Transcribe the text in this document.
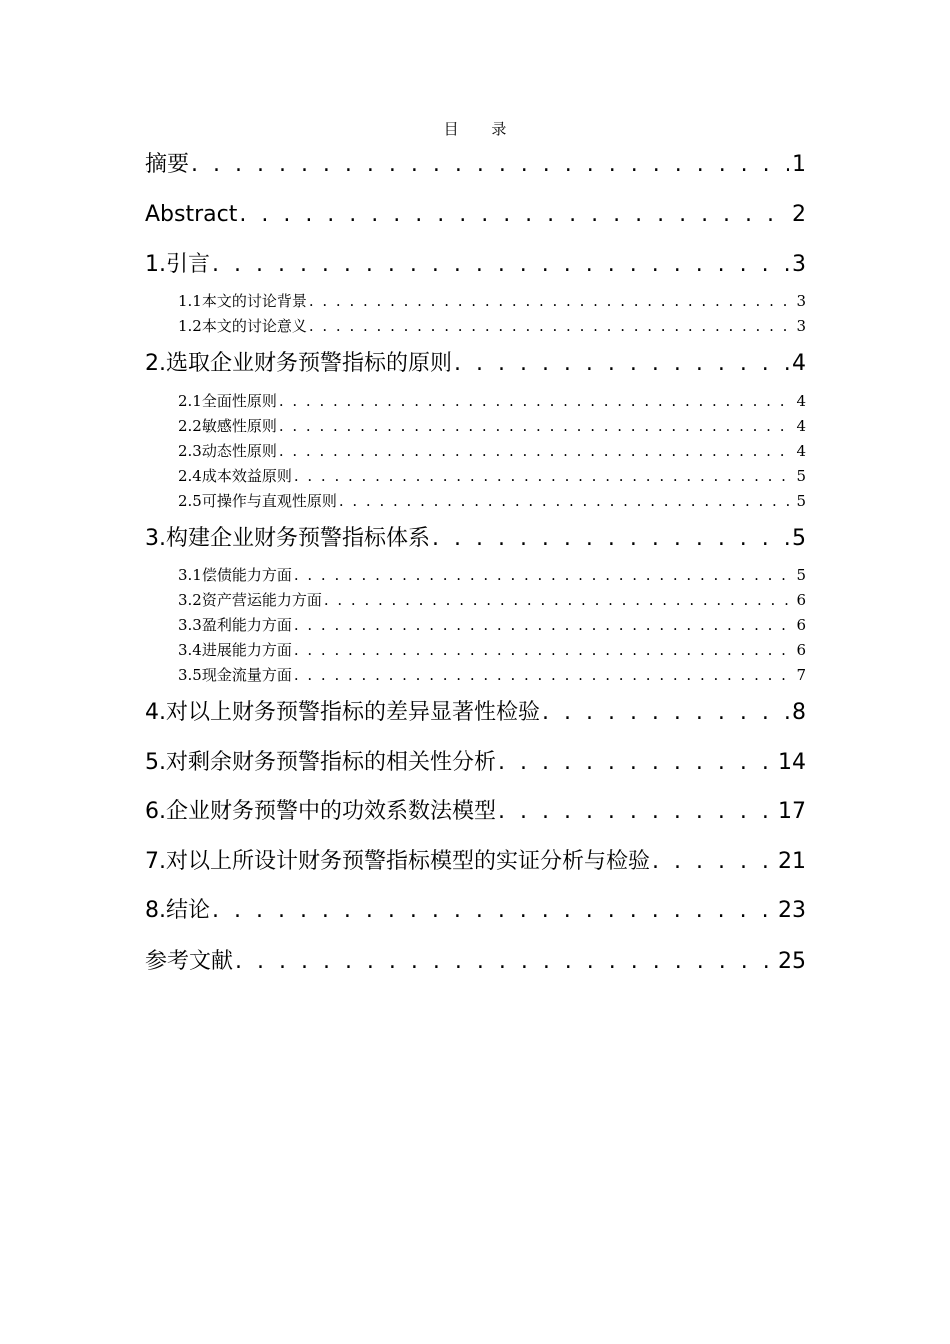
目 录
摘要 . . .	1
Abstract . . .	2
1.引言 . . .	3
1.1本文的讨论背景 . . .	3
1.2本文的讨论意义 . . .	3
2.选取企业财务预警指标的原则 . . .	4
2.1全面性原则 . . .	4
2.2敏感性原则 . . .	4
2.3动态性原则 . . .	4
2.4成本效益原则 . . .	5
2.5可操作与直观性原则 . . .	5
3.构建企业财务预警指标体系 . . .	5
3.1偿债能力方面 . . .	5
3.2资产营运能力方面 . . .	6
3.3盈利能力方面 . . .	6
3.4进展能力方面 . . .	6
3.5现金流量方面 . . .	7
4.对以上财务预警指标的差异显著性检验 . . .	8
5.对剩余财务预警指标的相关性分析 . . .	14
6.企业财务预警中的功效系数法模型 . . .	17
7.对以上所设计财务预警指标模型的实证分析与检验 . . .	21
8.结论 . . .	23
参考文献 . . .	25
